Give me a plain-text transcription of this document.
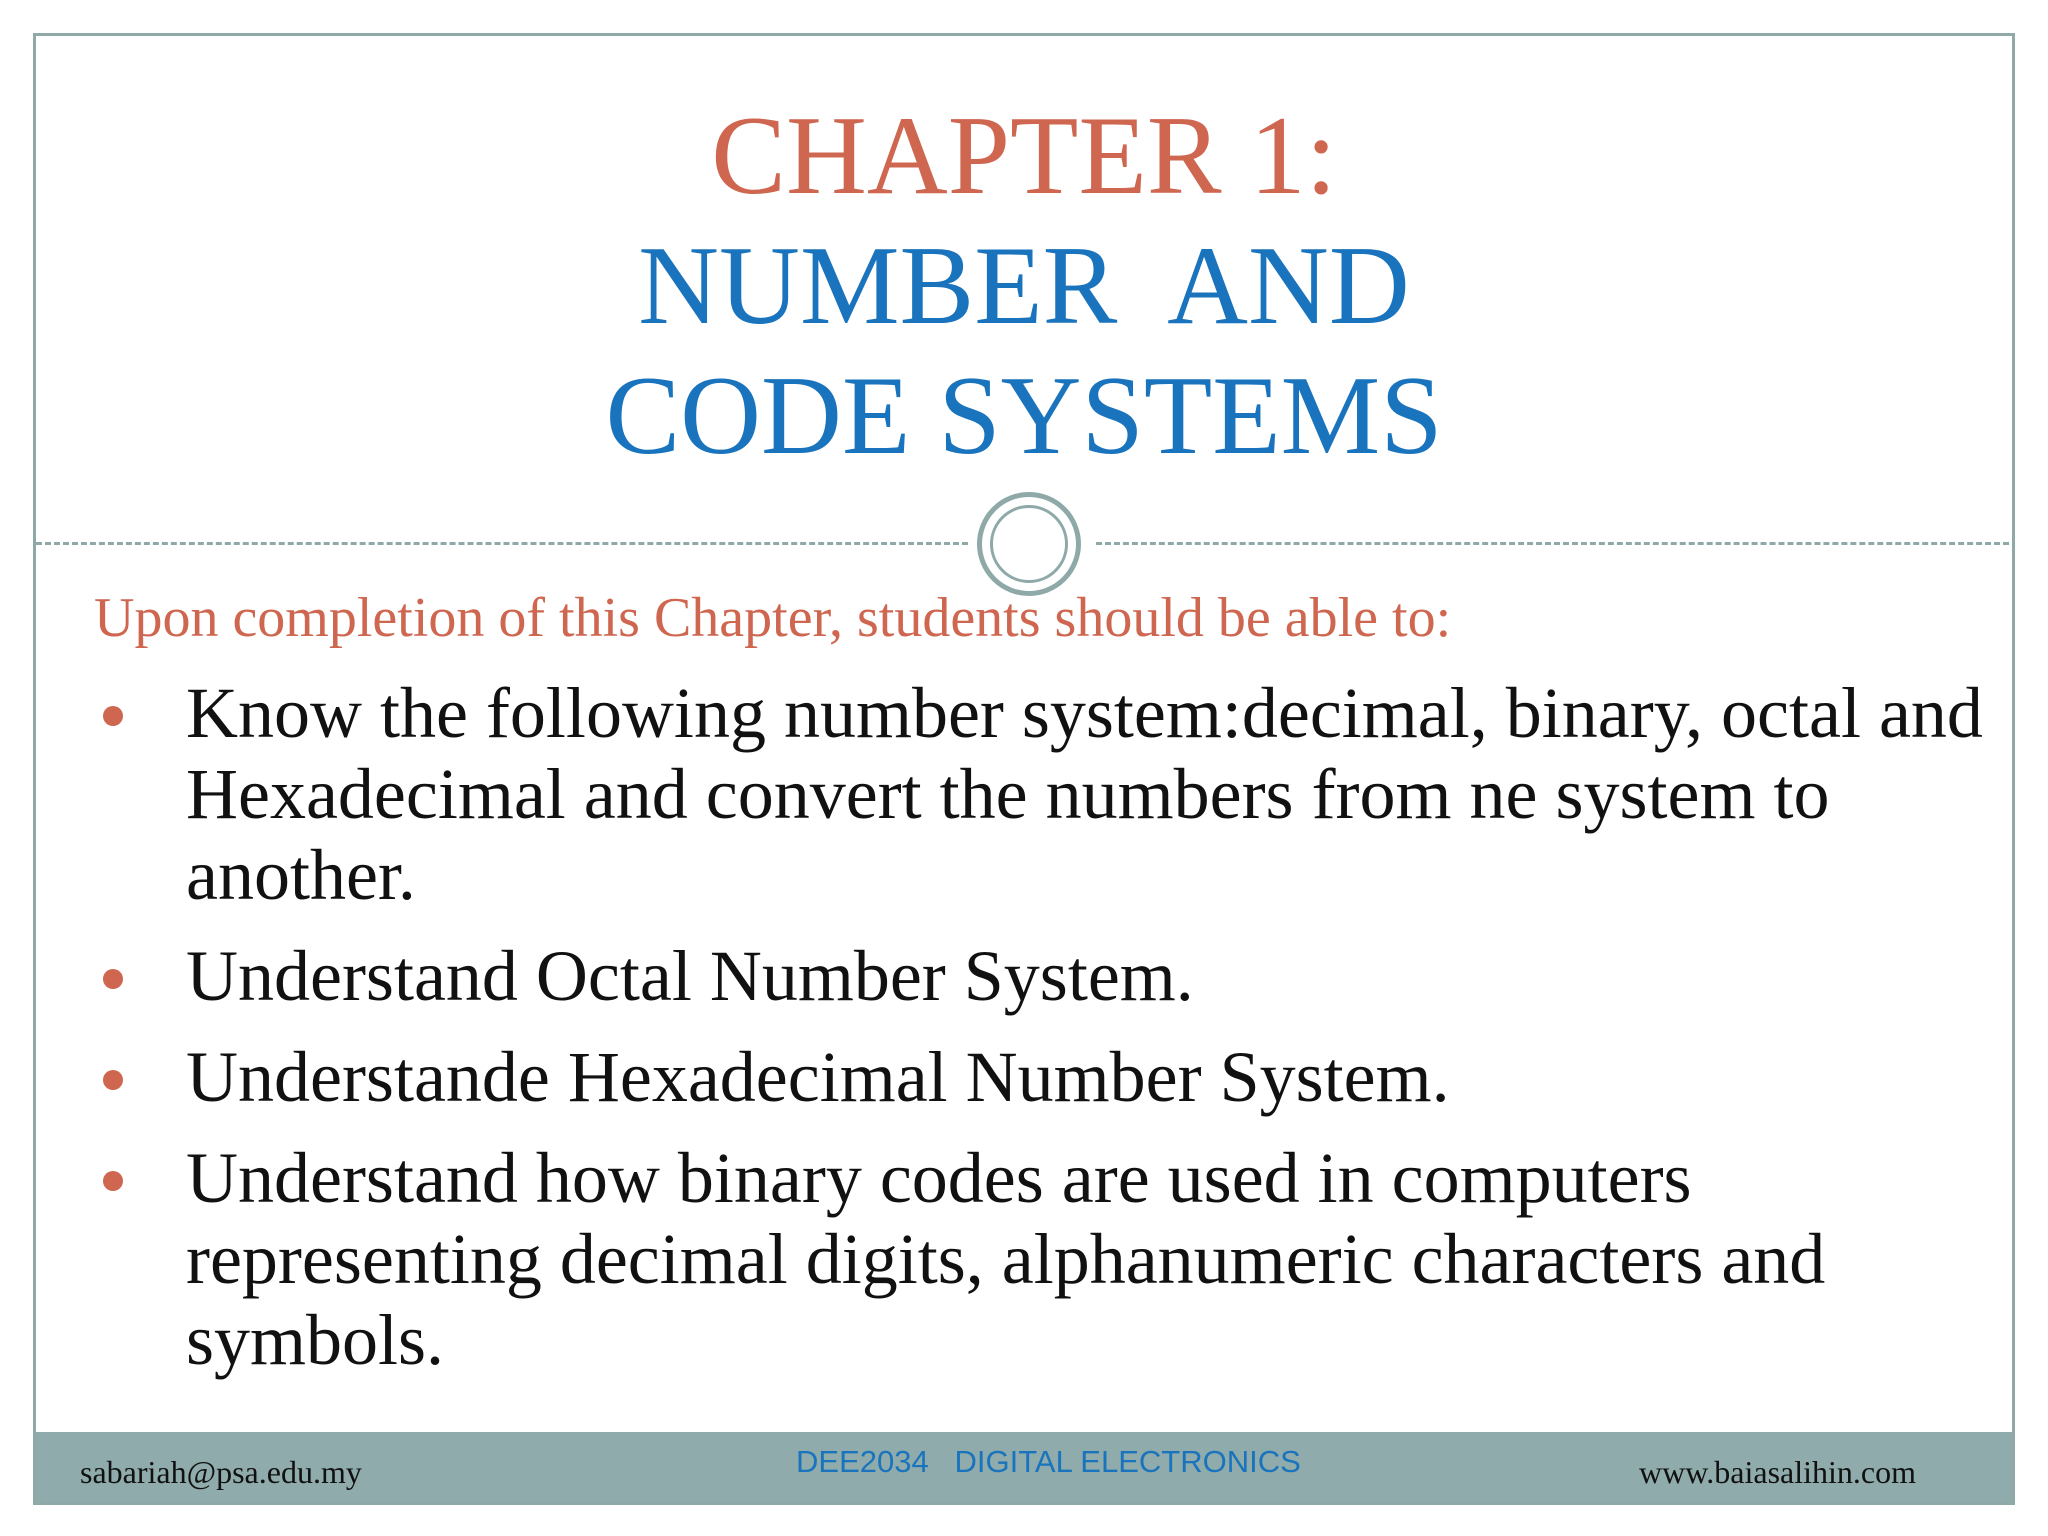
CHAPTER 1:
NUMBER  AND
CODE SYSTEMS
Upon completion of this Chapter, students should be able to:
Know the following number system:decimal, binary, octal and Hexadecimal and convert the numbers from ne system to another.
Understand Octal Number System.
Understande Hexadecimal Number System.
Understand how binary codes are used in computers representing decimal digits, alphanumeric characters and symbols.
sabariah@psa.edu.my	DEE2034   DIGITAL ELECTRONICS	www.baiasalihin.com
